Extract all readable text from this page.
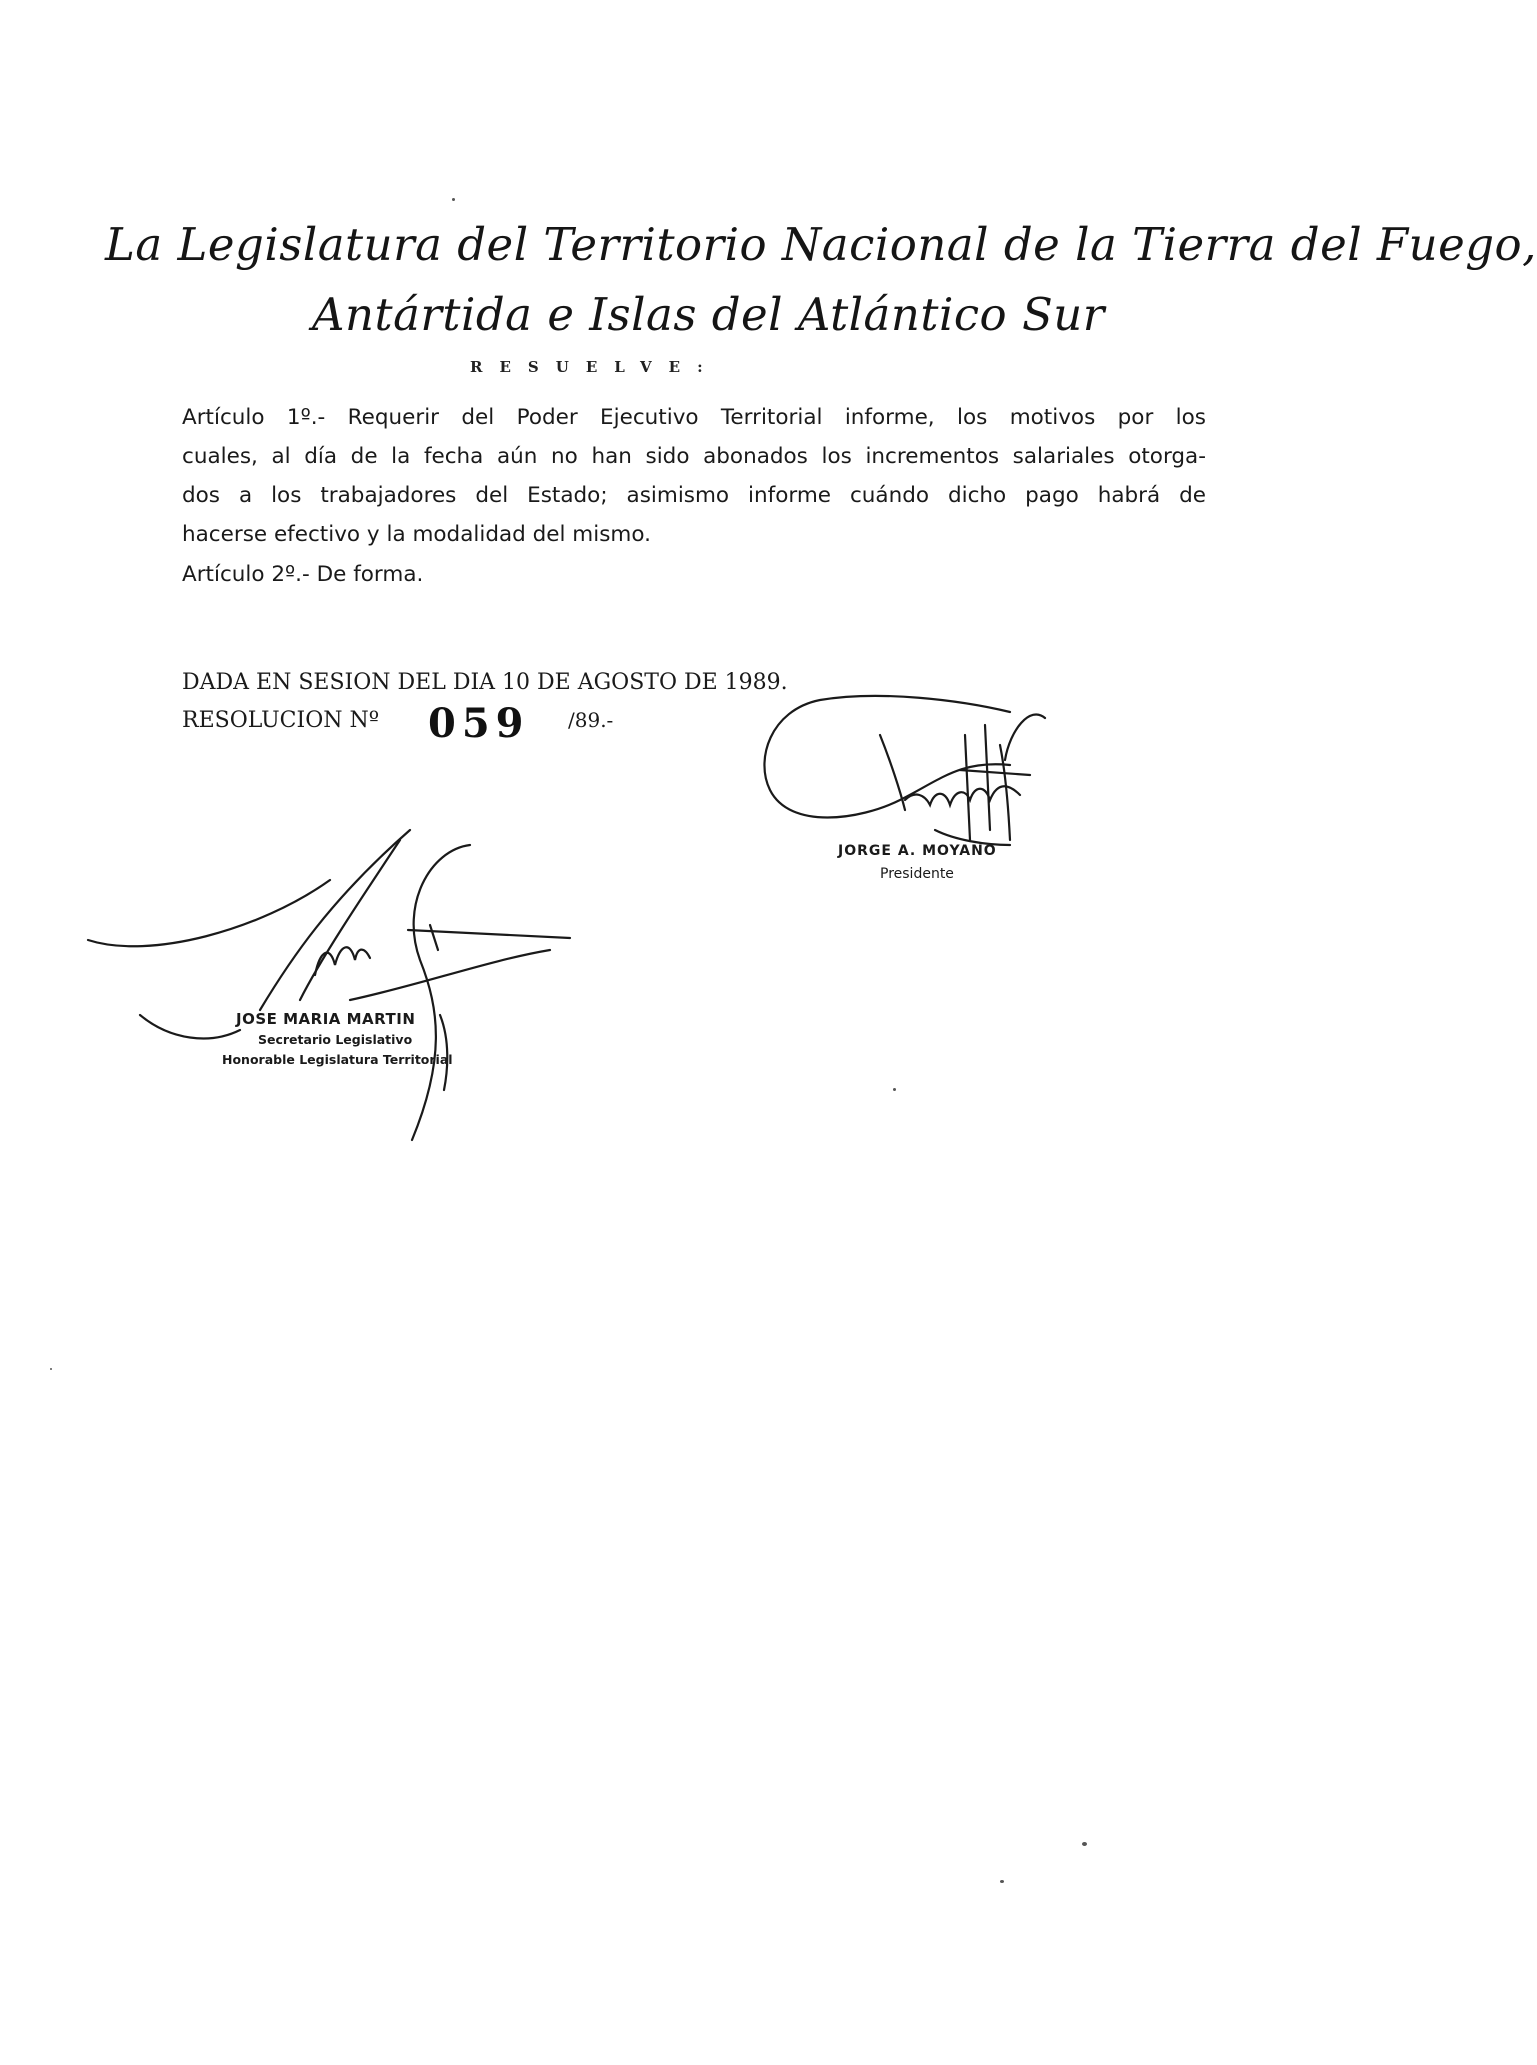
La Legislatura del Territorio Nacional de la Tierra del Fuego,
Antártida e Islas del Atlántico Sur
RESUELVE:
Artículo 1º.- Requerir del Poder Ejecutivo Territorial informe, los motivos por los
cuales, al día de la fecha aún no han sido abonados los incrementos salariales otorga-
dos a los trabajadores del Estado; asimismo informe cuándo dicho pago habrá de
hacerse efectivo y la modalidad del mismo.
Artículo 2º.- De forma.
DADA EN SESION DEL DIA 10 DE AGOSTO DE 1989.
RESOLUCION Nº 059 /89.-
JORGE A. MOYANO
Presidente
JOSE MARIA MARTIN
Secretario Legislativo
Honorable Legislatura Territorial
